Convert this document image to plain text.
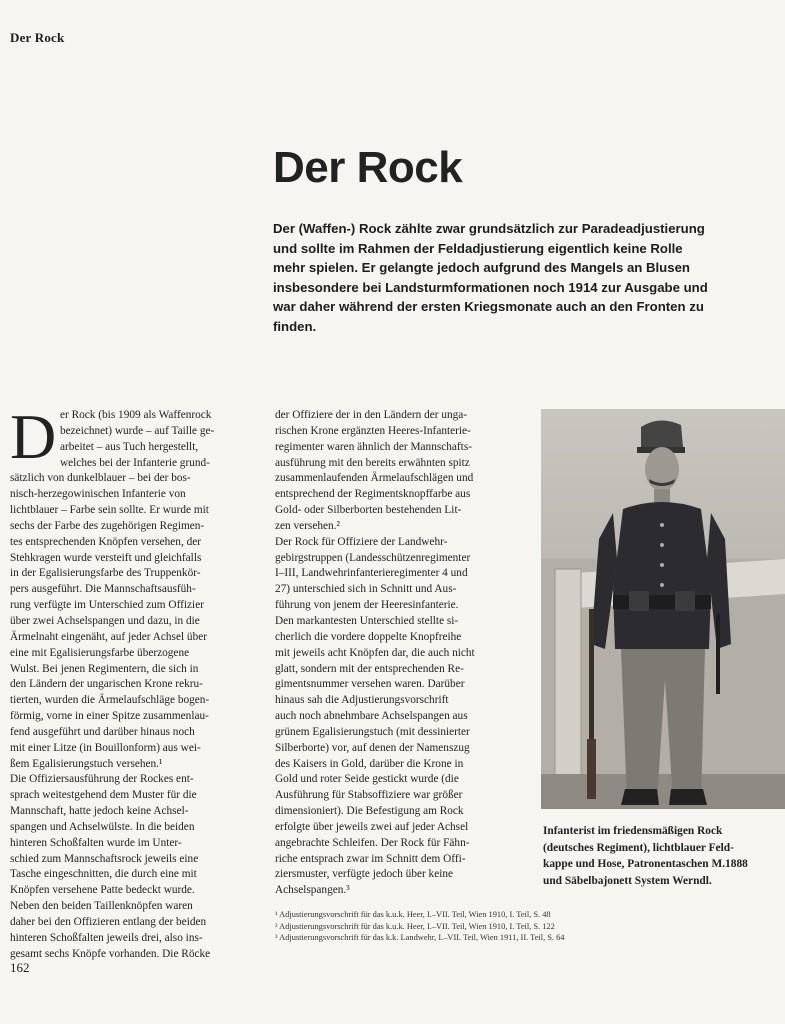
Der Rock
Der Rock

Der (Waffen-) Rock zählte zwar grundsätzlich zur Paradeadjustierung

und sollte im Rahmen der Feldadjustierung eigentlich keine Rolle

mehr spielen. Er gelangte jedoch aufgrund des Mangels an Blusen

insbesondere bei Landsturmformationen noch 1914 zur Ausgabe und

war daher während der ersten Kriegsmonate auch an den Fronten zu

finden.

D er Rock (bis 1909 als Waffenrock

bezeichnet) wurde – auf Taille ge-

arbeitet – aus Tuch hergestellt,

welches bei der Infanterie grund-

sätzlich von dunkelblauer – bei der bos-

nisch-herzegowinischen Infanterie von

lichtblauer – Farbe sein sollte. Er wurde mit

sechs der Farbe des zugehörigen Regimen-

tes entsprechenden Knöpfen versehen, der

Stehkragen wurde versteift und gleichfalls

in der Egalisierungsfarbe des Truppenkör-

pers ausgeführt. Die Mannschaftsausfüh-

rung verfügte im Unterschied zum Offizier

über zwei Achselspangen und dazu, in die

Ärmelnaht eingenäht, auf jeder Achsel über

eine mit Egalisierungsfarbe überzogene

Wulst. Bei jenen Regimentern, die sich in

den Ländern der ungarischen Krone rekru-

tierten, wurden die Ärmelaufschläge bogen-

förmig, vorne in einer Spitze zusammenlau-

fend ausgeführt und darüber hinaus noch

mit einer Litze (in Bouillonform) aus wei-

ßem Egalisierungstuch versehen.¹

Die Offiziersausführung der Rockes ent-

sprach weitestgehend dem Muster für die

Mannschaft, hatte jedoch keine Achsel-

spangen und Achselwülste. In die beiden

hinteren Schoßfalten wurde im Unter-

schied zum Mannschaftsrock jeweils eine

Tasche eingeschnitten, die durch eine mit

Knöpfen versehene Patte bedeckt wurde.

Neben den beiden Taillenknöpfen waren

daher bei den Offizieren entlang der beiden

hinteren Schoßfalten jeweils drei, also ins-

gesamt sechs Knöpfe vorhanden. Die Röcke

der Offiziere der in den Ländern der unga-

rischen Krone ergänzten Heeres-Infanterie-

regimenter waren ähnlich der Mannschafts-

ausführung mit den bereits erwähnten spitz

zusammenlaufenden Ärmelaufschlägen und

entsprechend der Regimentsknopffarbe aus

Gold- oder Silberborten bestehenden Lit-

zen versehen.²

Der Rock für Offiziere der Landwehr-

gebirgstruppen (Landesschützenregimenter

I–III, Landwehrinfanterieregimenter 4 und

27) unterschied sich in Schnitt und Aus-

führung von jenem der Heeresinfanterie.

Den markantesten Unterschied stellte si-

cherlich die vordere doppelte Knopfreihe

mit jeweils acht Knöpfen dar, die auch nicht

glatt, sondern mit der entsprechenden Re-

gimentsnummer versehen waren. Darüber

hinaus sah die Adjustierungsvorschrift

auch noch abnehmbare Achselspangen aus

grünem Egalisierungstuch (mit dessinierter

Silberborte) vor, auf denen der Namenszug

des Kaisers in Gold, darüber die Krone in

Gold und roter Seide gestickt wurde (die

Ausführung für Stabsoffiziere war größer

dimensioniert). Die Befestigung am Rock

erfolgte über jeweils zwei auf jeder Achsel

angebrachte Schleifen. Der Rock für Fähn-

riche entsprach zwar im Schnitt dem Offi-

ziersmuster, verfügte jedoch über keine

Achselspangen.³

Infanterist im friedensmäßigen Rock

(deutsches Regiment), lichtblauer Feld-

kappe und Hose, Patronentaschen M.1888

und Säbelbajonett System Werndl.

¹ Adjustierungsvorschrift für das k.u.k. Heer, I.–VII. Teil, Wien 1910, I. Teil, S. 48

² Adjustierungsvorschrift für das k.u.k. Heer, I.–VII. Teil, Wien 1910, I. Teil, S. 122

³ Adjustierungsvorschrift für das k.k. Landwehr, I.–VII. Teil, Wien 1911, II. Teil, S. 64

162
